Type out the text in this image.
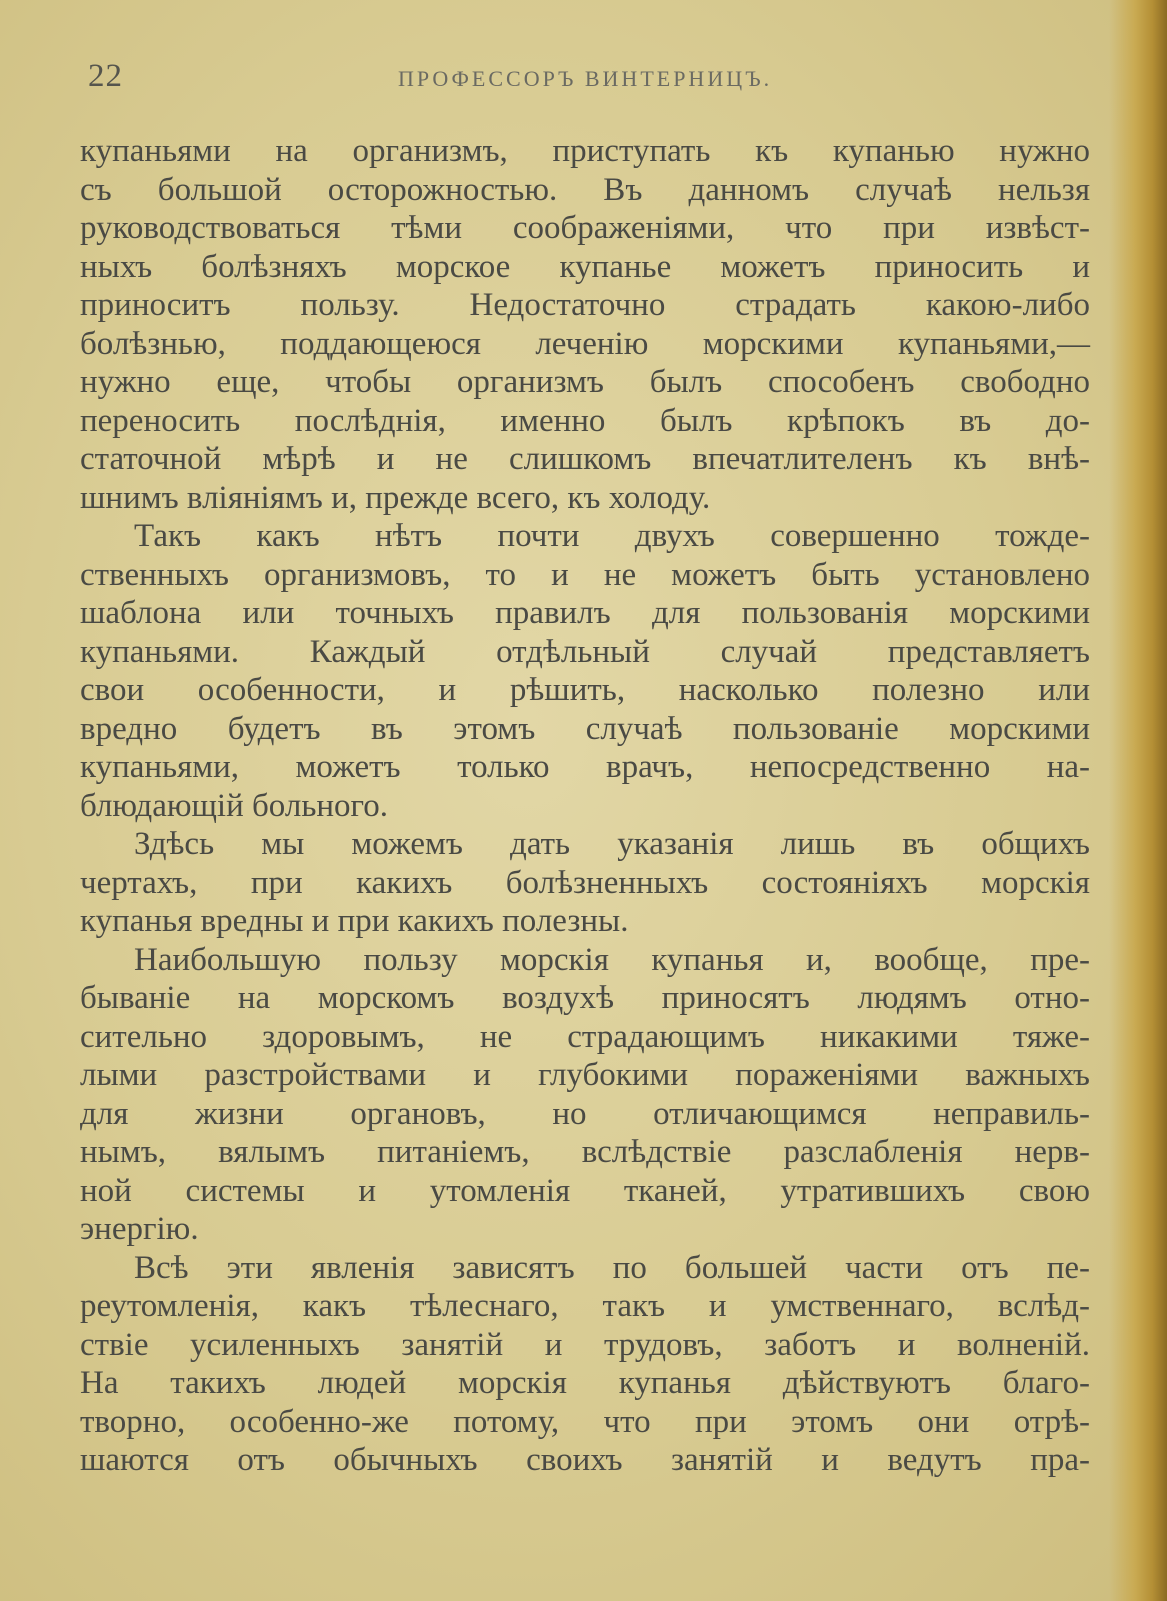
22	ПРОФЕССОРЪ ВИНТЕРНИЦЪ.
купаньями на организмъ, приступать къ купанью нужно
съ большой осторожностью. Въ данномъ случаѣ нельзя
руководствоваться тѣми соображеніями, что при извѣст-
ныхъ болѣзняхъ морское купанье можетъ приносить и
приноситъ пользу. Недостаточно страдать какою-либо
болѣзнью, поддающеюся леченію морскими купаньями,—
нужно еще, чтобы организмъ былъ способенъ свободно
переносить послѣднія, именно былъ крѣпокъ въ до-
статочной мѣрѣ и не слишкомъ впечатлителенъ къ внѣ-
шнимъ вліяніямъ и, прежде всего, къ холоду.
Такъ какъ нѣтъ почти двухъ совершенно тожде-
ственныхъ организмовъ, то и не можетъ быть установлено
шаблона или точныхъ правилъ для пользованія морскими
купаньями. Каждый отдѣльный случай представляетъ
свои особенности, и рѣшить, насколько полезно или
вредно будетъ въ этомъ случаѣ пользованіе морскими
купаньями, можетъ только врачъ, непосредственно на-
блюдающій больного.
Здѣсь мы можемъ дать указанія лишь въ общихъ
чертахъ, при какихъ болѣзненныхъ состояніяхъ морскія
купанья вредны и при какихъ полезны.
Наибольшую пользу морскія купанья и, вообще, пре-
бываніе на морскомъ воздухѣ приносятъ людямъ отно-
сительно здоровымъ, не страдающимъ никакими тяже-
лыми разстройствами и глубокими пораженіями важныхъ
для жизни органовъ, но отличающимся неправиль-
нымъ, вялымъ питаніемъ, вслѣдствіе разслабленія нерв-
ной системы и утомленія тканей, утратившихъ свою
энергію.
Всѣ эти явленія зависятъ по большей части отъ пе-
реутомленія, какъ тѣлеснаго, такъ и умственнаго, вслѣд-
ствіе усиленныхъ занятій и трудовъ, заботъ и волненій.
На такихъ людей морскія купанья дѣйствуютъ благо-
творно, особенно-же потому, что при этомъ они отрѣ-
шаются отъ обычныхъ своихъ занятій и ведутъ пра-
